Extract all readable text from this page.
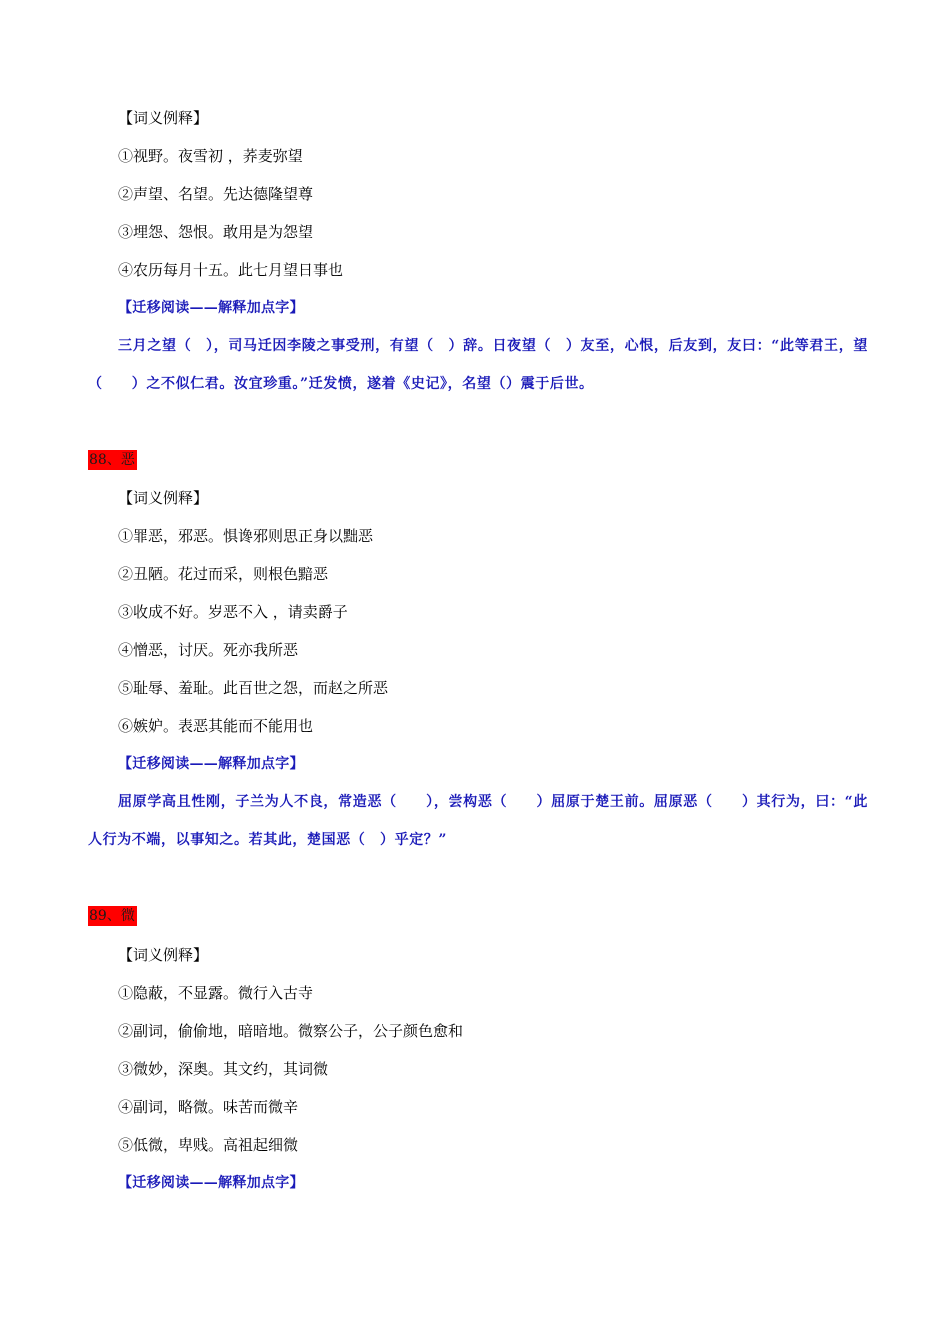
【词义例释】
①视野。夜雪初 ，荞麦弥望
②声望、名望。先达德隆望尊
③埋怨、怨恨。敢用是为怨望
④农历每月十五。此七月望日事也
【迁移阅读——解释加点字】
三月之望（　），司马迁因李陵之事受刑，有望（　）辞。日夜望（　）友至，心恨，后友到，友曰：“此等君王，望（　　）之不似仁君。汝宜珍重。”迁发愤，遂着《史记》，名望（）震于后世。
88、恶
【词义例释】
①罪恶，邪恶。惧谗邪则思正身以黜恶
②丑陋。花过而采，则根色黯恶
③收成不好。岁恶不入 ，请卖爵子
④憎恶，讨厌。死亦我所恶
⑤耻辱、羞耻。此百世之怨，而赵之所恶
⑥嫉妒。表恶其能而不能用也
【迁移阅读——解释加点字】
屈原学高且性刚，子兰为人不良，常造恶（　　），尝构恶（　　）屈原于楚王前。屈原恶（　　）其行为，曰：“此人行为不端，以事知之。若其此，楚国恶（　）乎定？”
89、微
【词义例释】
①隐蔽，不显露。微行入古寺
②副词，偷偷地，暗暗地。微察公子，公子颜色愈和
③微妙，深奥。其文约，其词微
④副词，略微。味苦而微辛
⑤低微，卑贱。高祖起细微
【迁移阅读——解释加点字】
